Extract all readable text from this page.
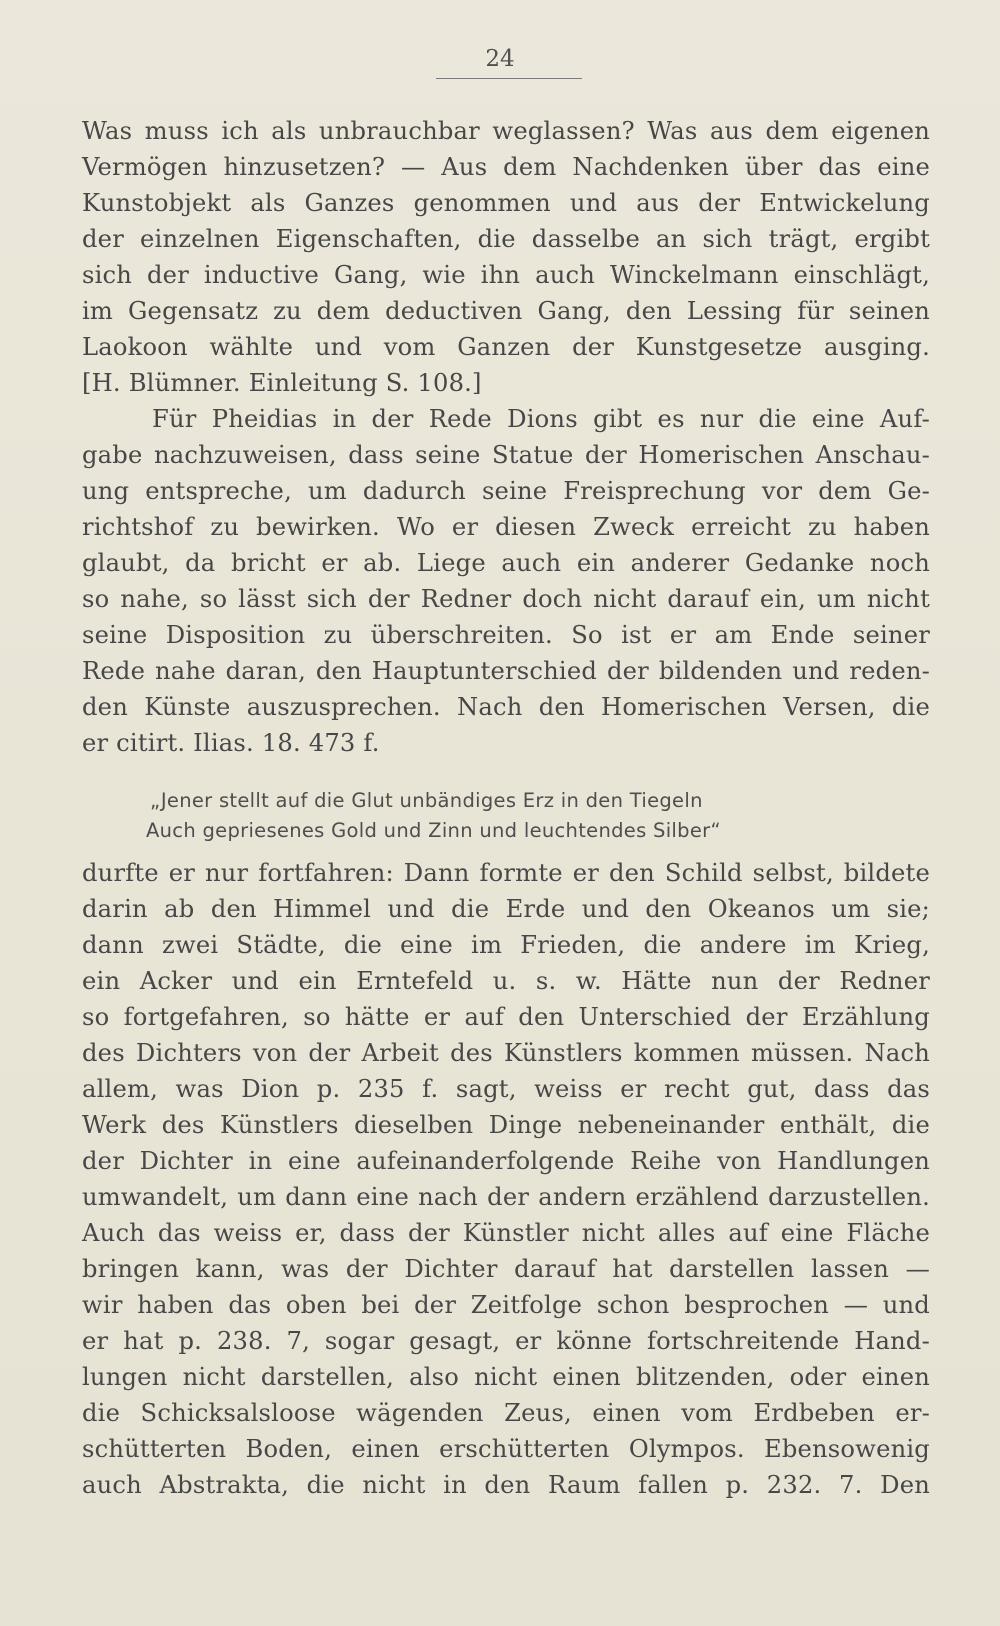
24
Was muss ich als unbrauchbar weglassen? Was aus dem eigenen
Vermögen hinzusetzen? — Aus dem Nachdenken über das eine
Kunstobjekt als Ganzes genommen und aus der Entwickelung
der einzelnen Eigenschaften, die dasselbe an sich trägt, ergibt
sich der inductive Gang, wie ihn auch Winckelmann einschlägt,
im Gegensatz zu dem deductiven Gang, den Lessing für seinen
Laokoon wählte und vom Ganzen der Kunstgesetze ausging.
[H. Blümner. Einleitung S. 108.]
Für Pheidias in der Rede Dions gibt es nur die eine Auf-
gabe nachzuweisen, dass seine Statue der Homerischen Anschau-
ung entspreche, um dadurch seine Freisprechung vor dem Ge-
richtshof zu bewirken. Wo er diesen Zweck erreicht zu haben
glaubt, da bricht er ab. Liege auch ein anderer Gedanke noch
so nahe, so lässt sich der Redner doch nicht darauf ein, um nicht
seine Disposition zu überschreiten. So ist er am Ende seiner
Rede nahe daran, den Hauptunterschied der bildenden und reden-
den Künste auszusprechen. Nach den Homerischen Versen, die
er citirt. Ilias. 18. 473 f.
„Jener stellt auf die Glut unbändiges Erz in den Tiegeln
Auch gepriesenes Gold und Zinn und leuchtendes Silber“
durfte er nur fortfahren: Dann formte er den Schild selbst, bildete
darin ab den Himmel und die Erde und den Okeanos um sie;
dann zwei Städte, die eine im Frieden, die andere im Krieg,
ein Acker und ein Erntefeld u. s. w. Hätte nun der Redner
so fortgefahren, so hätte er auf den Unterschied der Erzählung
des Dichters von der Arbeit des Künstlers kommen müssen. Nach
allem, was Dion p. 235 f. sagt, weiss er recht gut, dass das
Werk des Künstlers dieselben Dinge nebeneinander enthält, die
der Dichter in eine aufeinanderfolgende Reihe von Handlungen
umwandelt, um dann eine nach der andern erzählend darzustellen.
Auch das weiss er, dass der Künstler nicht alles auf eine Fläche
bringen kann, was der Dichter darauf hat darstellen lassen —
wir haben das oben bei der Zeitfolge schon besprochen — und
er hat p. 238. 7, sogar gesagt, er könne fortschreitende Hand-
lungen nicht darstellen, also nicht einen blitzenden, oder einen
die Schicksalsloose wägenden Zeus, einen vom Erdbeben er-
schütterten Boden, einen erschütterten Olympos. Ebensowenig
auch Abstrakta, die nicht in den Raum fallen p. 232. 7. Den
